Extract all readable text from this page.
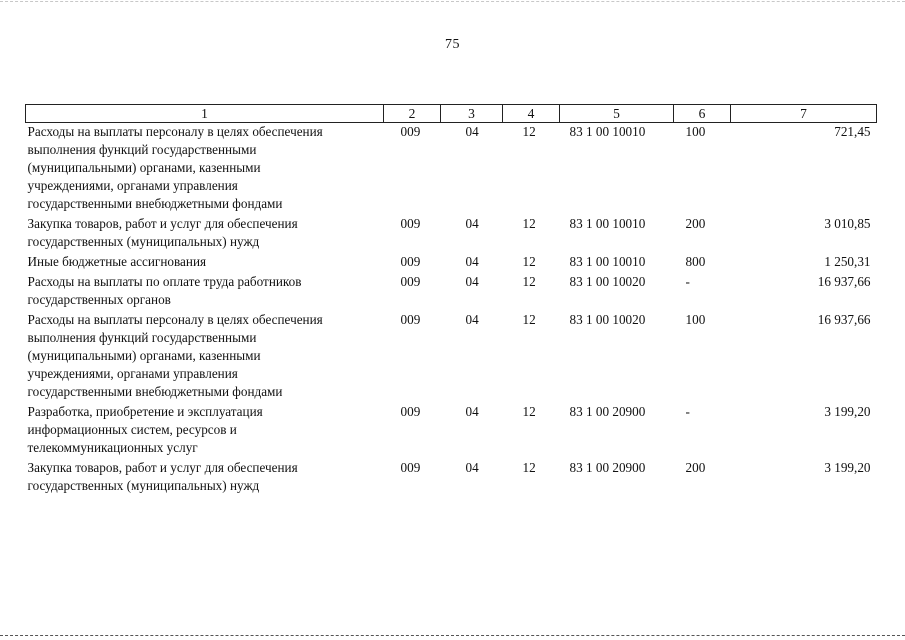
75
1	2	3	4	5	6	7

Расходы на выплаты персоналу в целях обеспечения
выполнения функций государственными
(муниципальными) органами, казенными
учреждениями, органами управления
государственными внебюджетными фондами	009	04	12	83 1 00 10010	100	721,45

Закупка товаров, работ и услуг для обеспечения
государственных (муниципальных) нужд	009	04	12	83 1 00 10010	200	3 010,85

Иные бюджетные ассигнования	009	04	12	83 1 00 10010	800	1 250,31

Расходы на выплаты по оплате труда работников
государственных органов	009	04	12	83 1 00 10020	-	16 937,66

Расходы на выплаты персоналу в целях обеспечения
выполнения функций государственными
(муниципальными) органами, казенными
учреждениями, органами управления
государственными внебюджетными фондами	009	04	12	83 1 00 10020	100	16 937,66

Разработка, приобретение и эксплуатация
информационных систем, ресурсов и
телекоммуникационных услуг	009	04	12	83 1 00 20900	-	3 199,20

Закупка товаров, работ и услуг для обеспечения
государственных (муниципальных) нужд	009	04	12	83 1 00 20900	200	3 199,20
